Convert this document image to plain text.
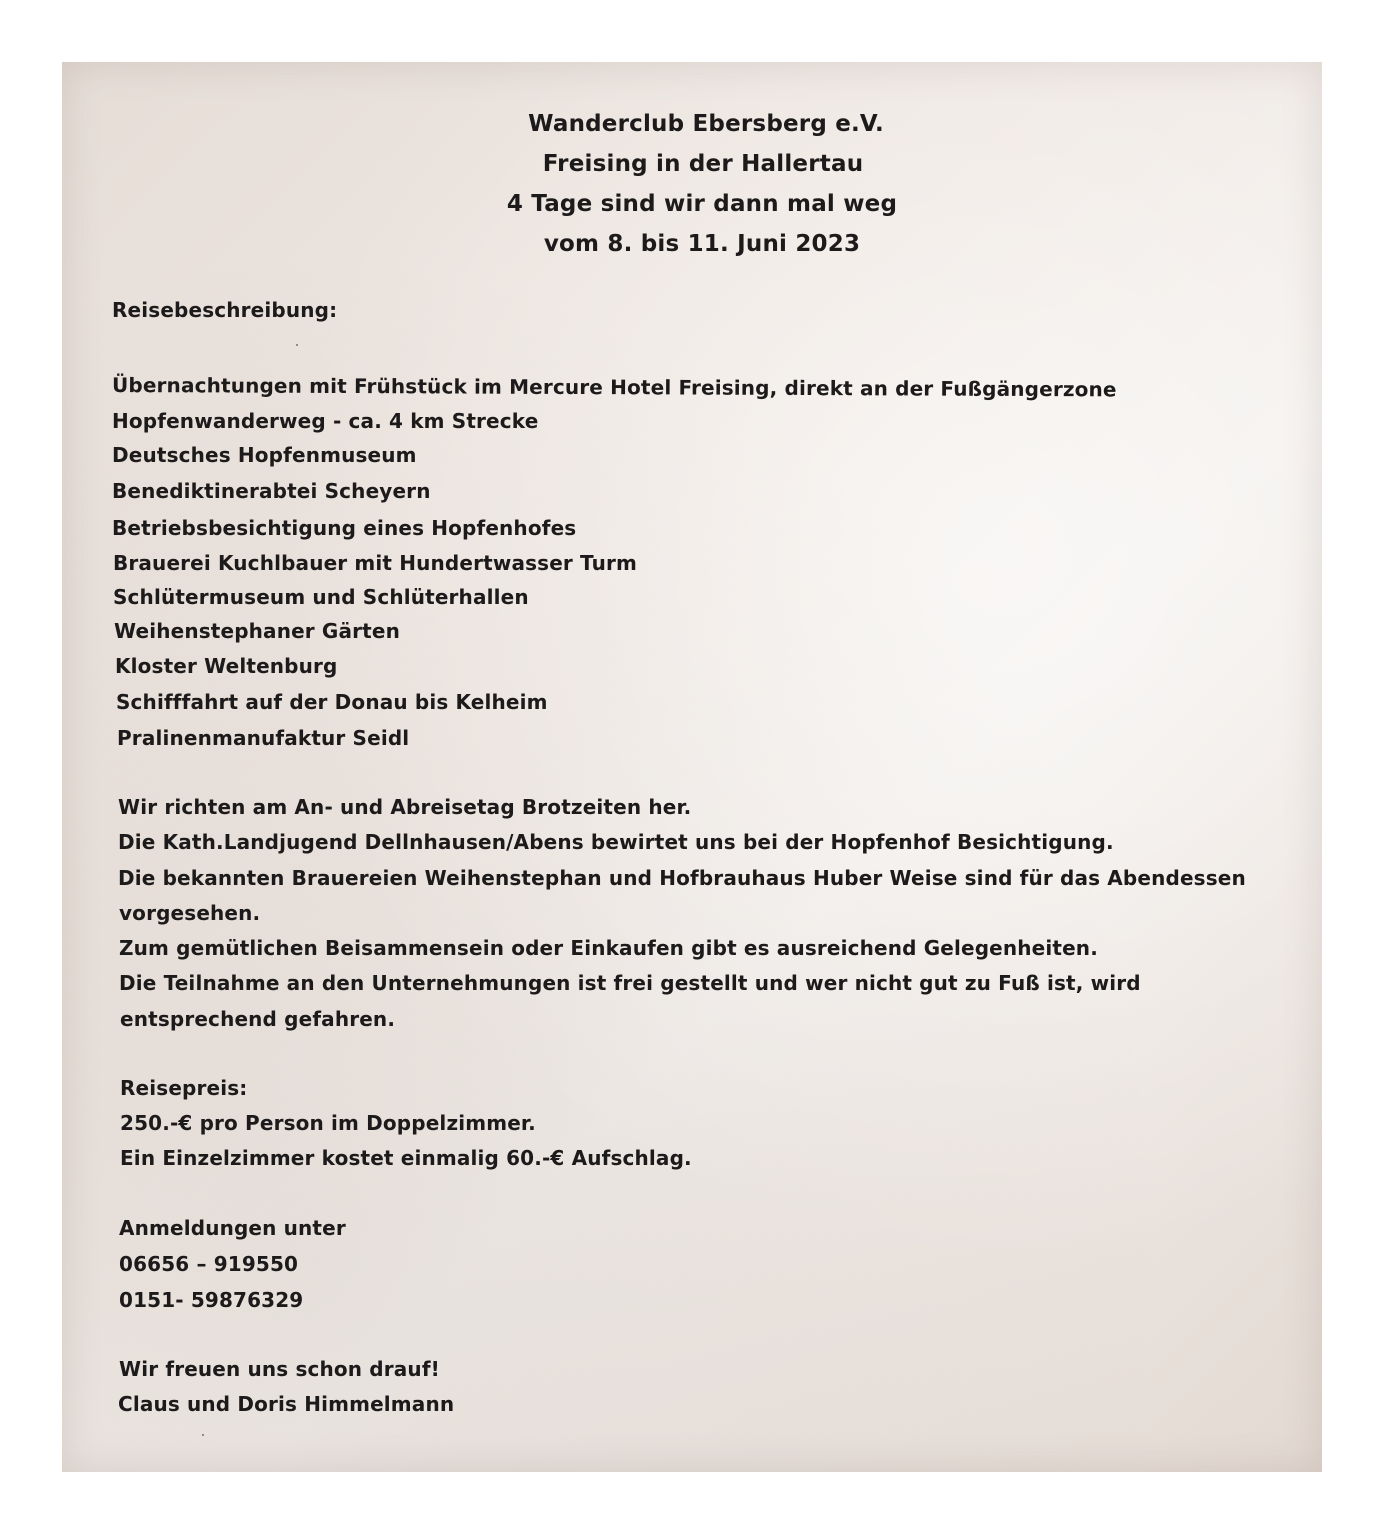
Wanderclub Ebersberg e.V.
Freising in der Hallertau
4 Tage sind wir dann mal weg
vom 8. bis 11. Juni 2023
Reisebeschreibung:
Übernachtungen mit Frühstück im Mercure Hotel Freising, direkt an der Fußgängerzone
Hopfenwanderweg - ca. 4 km Strecke
Deutsches Hopfenmuseum
Benediktinerabtei Scheyern
Betriebsbesichtigung eines Hopfenhofes
Brauerei Kuchlbauer mit Hundertwasser Turm
Schlütermuseum und Schlüterhallen
Weihenstephaner Gärten
Kloster Weltenburg
Schifffahrt auf der Donau bis Kelheim
Pralinenmanufaktur Seidl
Wir richten am An- und Abreisetag Brotzeiten her.
Die Kath.Landjugend Dellnhausen/Abens bewirtet uns bei der Hopfenhof Besichtigung.
Die bekannten Brauereien Weihenstephan und Hofbrauhaus Huber Weise sind für das Abendessen
vorgesehen.
Zum gemütlichen Beisammensein oder Einkaufen gibt es ausreichend Gelegenheiten.
Die Teilnahme an den Unternehmungen ist frei gestellt und wer nicht gut zu Fuß ist, wird
entsprechend gefahren.
Reisepreis:
250.-€ pro Person im Doppelzimmer.
Ein Einzelzimmer kostet einmalig 60.-€ Aufschlag.
Anmeldungen unter
06656 – 919550
0151- 59876329
Wir freuen uns schon drauf!
Claus und Doris Himmelmann
